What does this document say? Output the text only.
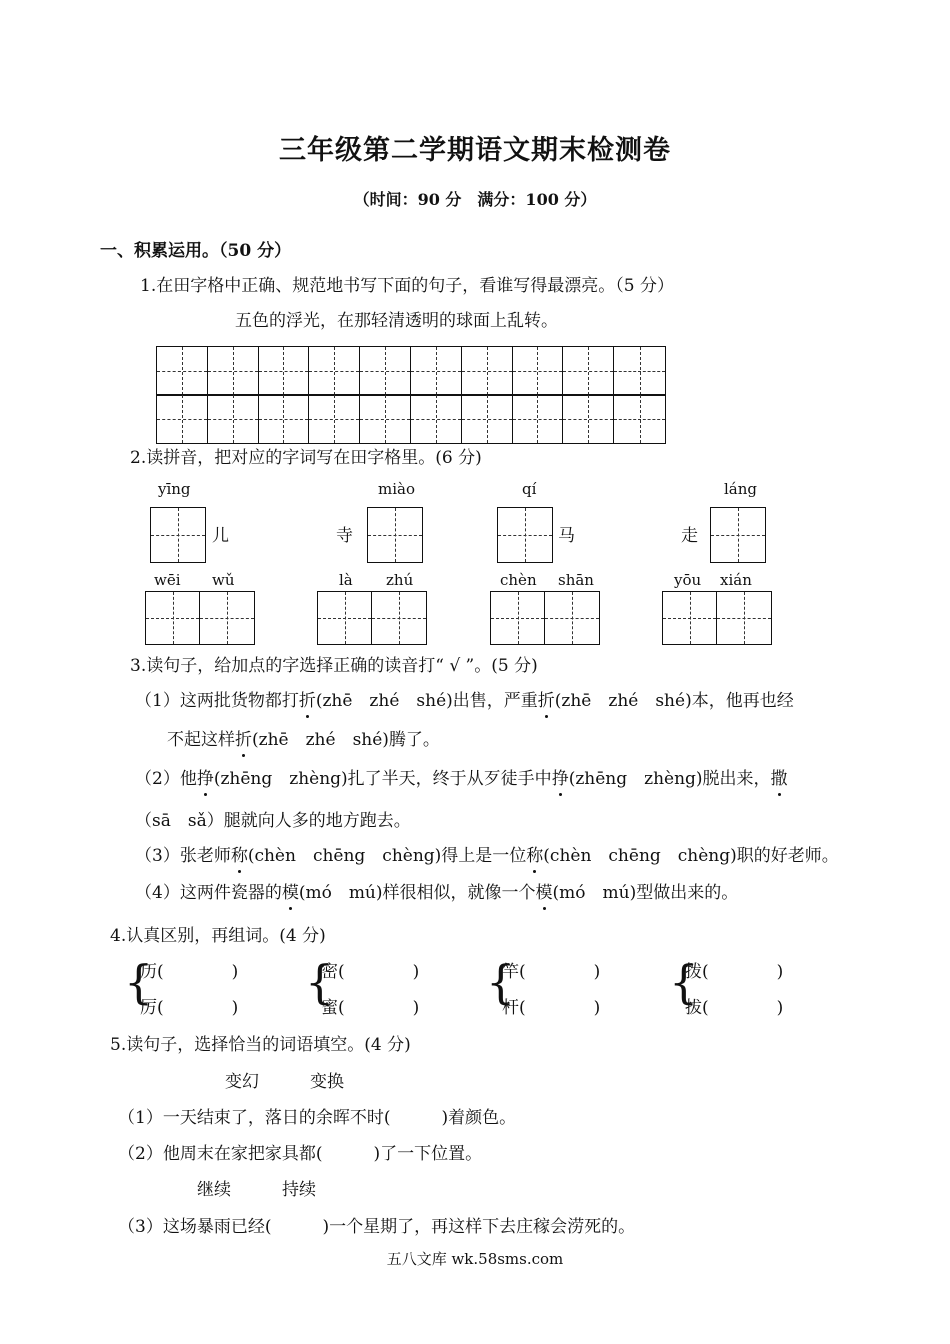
三年级第二学期语文期末检测卷
（时间：90 分　满分：100 分）
一、积累运用。（50 分）
1.在田字格中正确、规范地书写下面的句子，看谁写得最漂亮。（5 分）
五色的浮光，在那轻清透明的球面上乱转。
2.读拼音，把对应的字词写在田字格里。(6 分)
yīng
儿
miào
寺
qí
马
láng
走
wēi wǔ	là zhú	chèn shān	yōu xián
3.读句子，给加点的字选择正确的读音打“ √ ”。(5 分)
（1）这两批货物都打折(zhē　zhé　shé)出售，严重折(zhē　zhé　shé)本，他再也经
不起这样折(zhē　zhé　shé)腾了。
（2）他挣(zhēng　zhèng)扎了半天，终于从歹徒手中挣(zhēng　zhèng)脱出来，撒
（sā　sǎ）腿就向人多的地方跑去。
（3）张老师称(chèn　chēng　chèng)得上是一位称(chèn　chēng　chèng)职的好老师。
（4）这两件瓷器的模(mó　mú)样很相似，就像一个模(mó　mú)型做出来的。
4.认真区别，再组词。(4 分)
{
历(　　　　)
厉(　　　　) {
密(　　　　)
蜜(　　　　) {
竿(　　　　)
杆(　　　　) {
拨(　　　　)
拔(　　　　)
5.读句子，选择恰当的词语填空。(4 分)
变幻　　　变换
（1）一天结束了，落日的余晖不时(　　　)着颜色。
（2）他周末在家把家具都(　　　)了一下位置。
继续　　　持续
（3）这场暴雨已经(　　　)一个星期了，再这样下去庄稼会涝死的。
五八文库 wk.58sms.com
